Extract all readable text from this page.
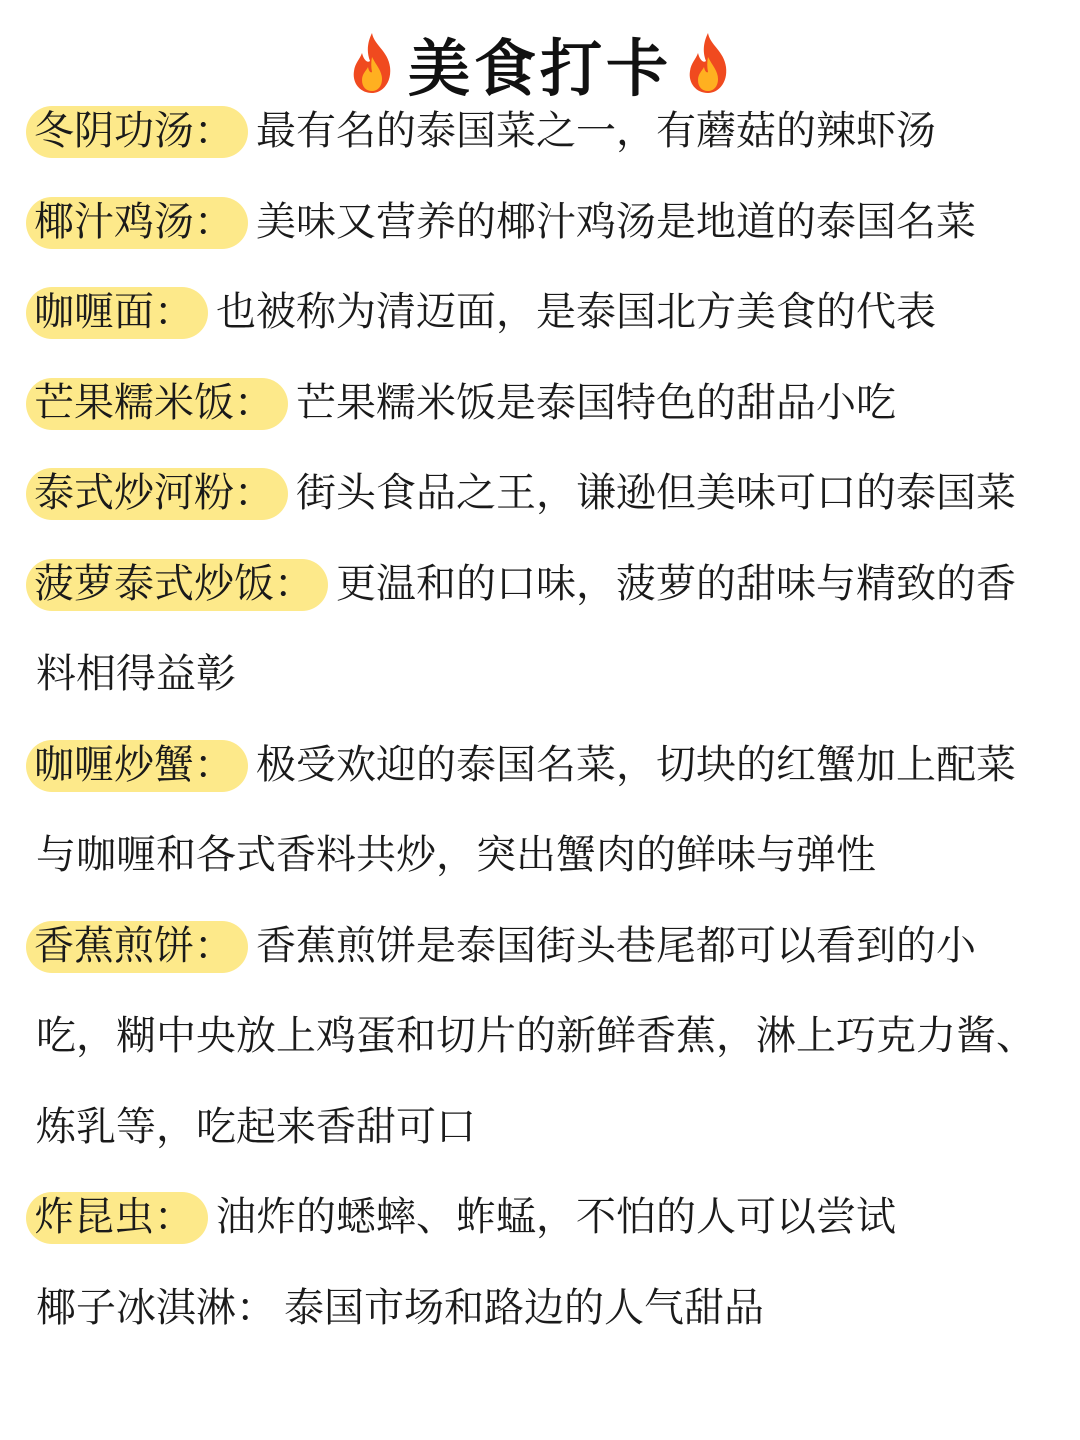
美食打卡

冬阴功汤： 最有名的泰国菜之一，有蘑菇的辣虾汤

椰汁鸡汤： 美味又营养的椰汁鸡汤是地道的泰国名菜

咖喱面： 也被称为清迈面，是泰国北方美食的代表

芒果糯米饭： 芒果糯米饭是泰国特色的甜品小吃

泰式炒河粉： 街头食品之王，谦逊但美味可口的泰国菜

菠萝泰式炒饭： 更温和的口味，菠萝的甜味与精致的香料相得益彰

咖喱炒蟹： 极受欢迎的泰国名菜，切块的红蟹加上配菜与咖喱和各式香料共炒，突出蟹肉的鲜味与弹性

香蕉煎饼： 香蕉煎饼是泰国街头巷尾都可以看到的小吃，糊中央放上鸡蛋和切片的新鲜香蕉，淋上巧克力酱、炼乳等，吃起来香甜可口

炸昆虫： 油炸的蟋蟀、蚱蜢，不怕的人可以尝试

椰子冰淇淋： 泰国市场和路边的人气甜品
